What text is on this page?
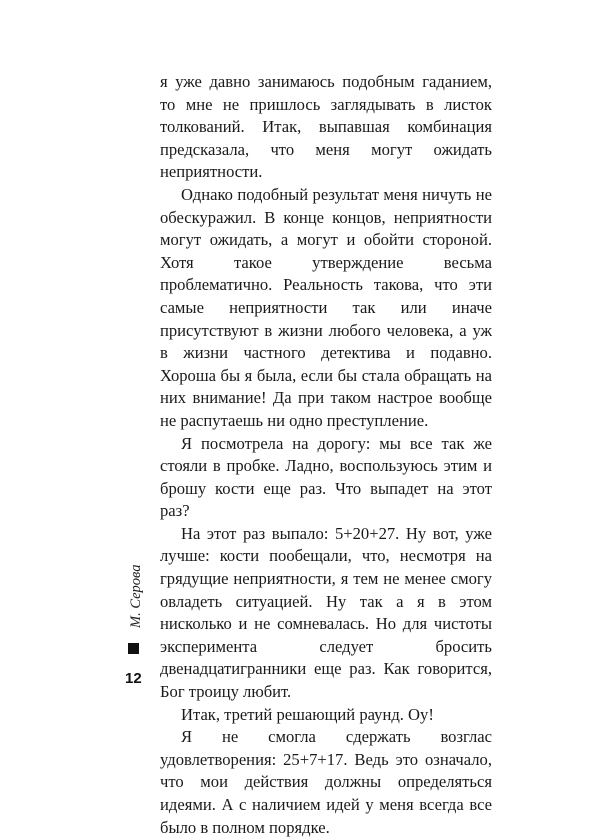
я уже давно занимаюсь подобным гаданием, то мне не пришлось заглядывать в листок толкований. Итак, выпавшая комбинация предсказала, что меня могут ожидать неприятности.

Однако подобный результат меня ничуть не обескуражил. В конце концов, неприятности могут ожидать, а могут и обойти стороной. Хотя такое утверждение весьма проблематично. Реальность такова, что эти самые неприятности так или иначе присутствуют в жизни любого человека, а уж в жизни частного детектива и подавно. Хороша бы я была, если бы стала обращать на них внимание! Да при таком настрое вообще не распутаешь ни одно преступление.

Я посмотрела на дорогу: мы все так же стояли в пробке. Ладно, воспользуюсь этим и брошу кости еще раз. Что выпадет на этот раз?

На этот раз выпало: 5+20+27. Ну вот, уже лучше: кости пообещали, что, несмотря на грядущие неприятности, я тем не менее смогу овладеть ситуацией. Ну так а я в этом нисколько и не сомневалась. Но для чистоты эксперимента следует бросить двенадцатигранники еще раз. Как говорится, Бог троицу любит.

Итак, третий решающий раунд. Оу!

Я не смогла сдержать возглас удовлетворения: 25+7+17. Ведь это означало, что мои действия должны определяться идеями. А с наличием идей у меня всегда все было в полном порядке.

М. Серова
12
